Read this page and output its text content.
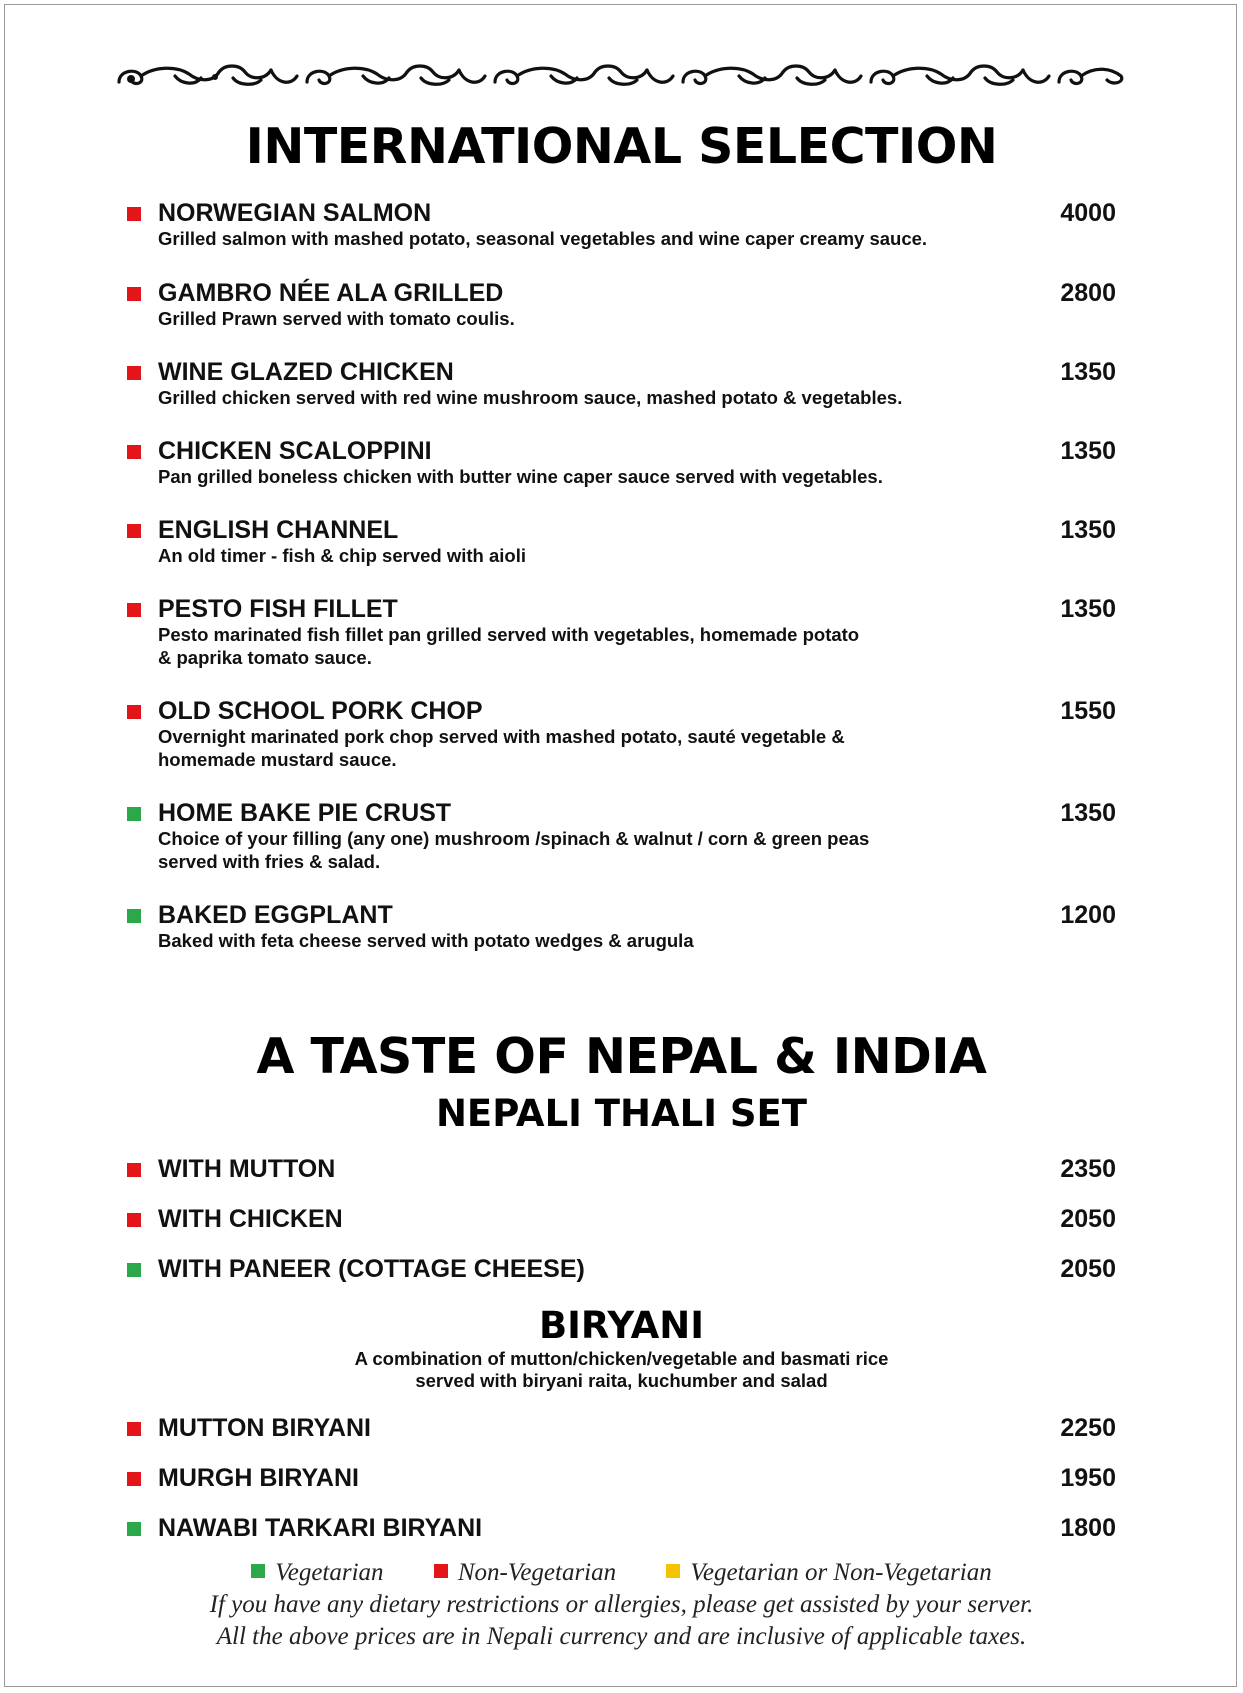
INTERNATIONAL SELECTION
NORWEGIAN SALMON	4000
Grilled salmon with mashed potato, seasonal vegetables and wine caper creamy sauce.
GAMBRO NÉE ALA GRILLED	2800
Grilled Prawn served with tomato coulis.
WINE GLAZED CHICKEN	1350
Grilled chicken served with red wine mushroom sauce, mashed potato & vegetables.
CHICKEN SCALOPPINI	1350
Pan grilled boneless chicken with butter wine caper sauce served with vegetables.
ENGLISH CHANNEL	1350
An old timer - fish & chip served with aioli
PESTO FISH FILLET	1350
Pesto marinated fish fillet pan grilled served with vegetables, homemade potato
& paprika tomato sauce.
OLD SCHOOL PORK CHOP	1550
Overnight marinated pork chop served with mashed potato, sauté vegetable &
homemade mustard sauce.
HOME BAKE PIE CRUST	1350
Choice of your filling (any one) mushroom /spinach & walnut / corn & green peas
served with fries & salad.
BAKED EGGPLANT	1200
Baked with feta cheese served with potato wedges & arugula
A TASTE OF NEPAL & INDIA
NEPALI THALI SET
WITH MUTTON	2350
WITH CHICKEN	2050
WITH PANEER (COTTAGE CHEESE)	2050
BIRYANI
A combination of mutton/chicken/vegetable and basmati rice
served with biryani raita, kuchumber and salad
MUTTON BIRYANI	2250
MURGH BIRYANI	1950
NAWABI TARKARI BIRYANI	1800
Vegetarian	Non-Vegetarian	Vegetarian or Non-Vegetarian
If you have any dietary restrictions or allergies, please get assisted by your server.
All the above prices are in Nepali currency and are inclusive of applicable taxes.
